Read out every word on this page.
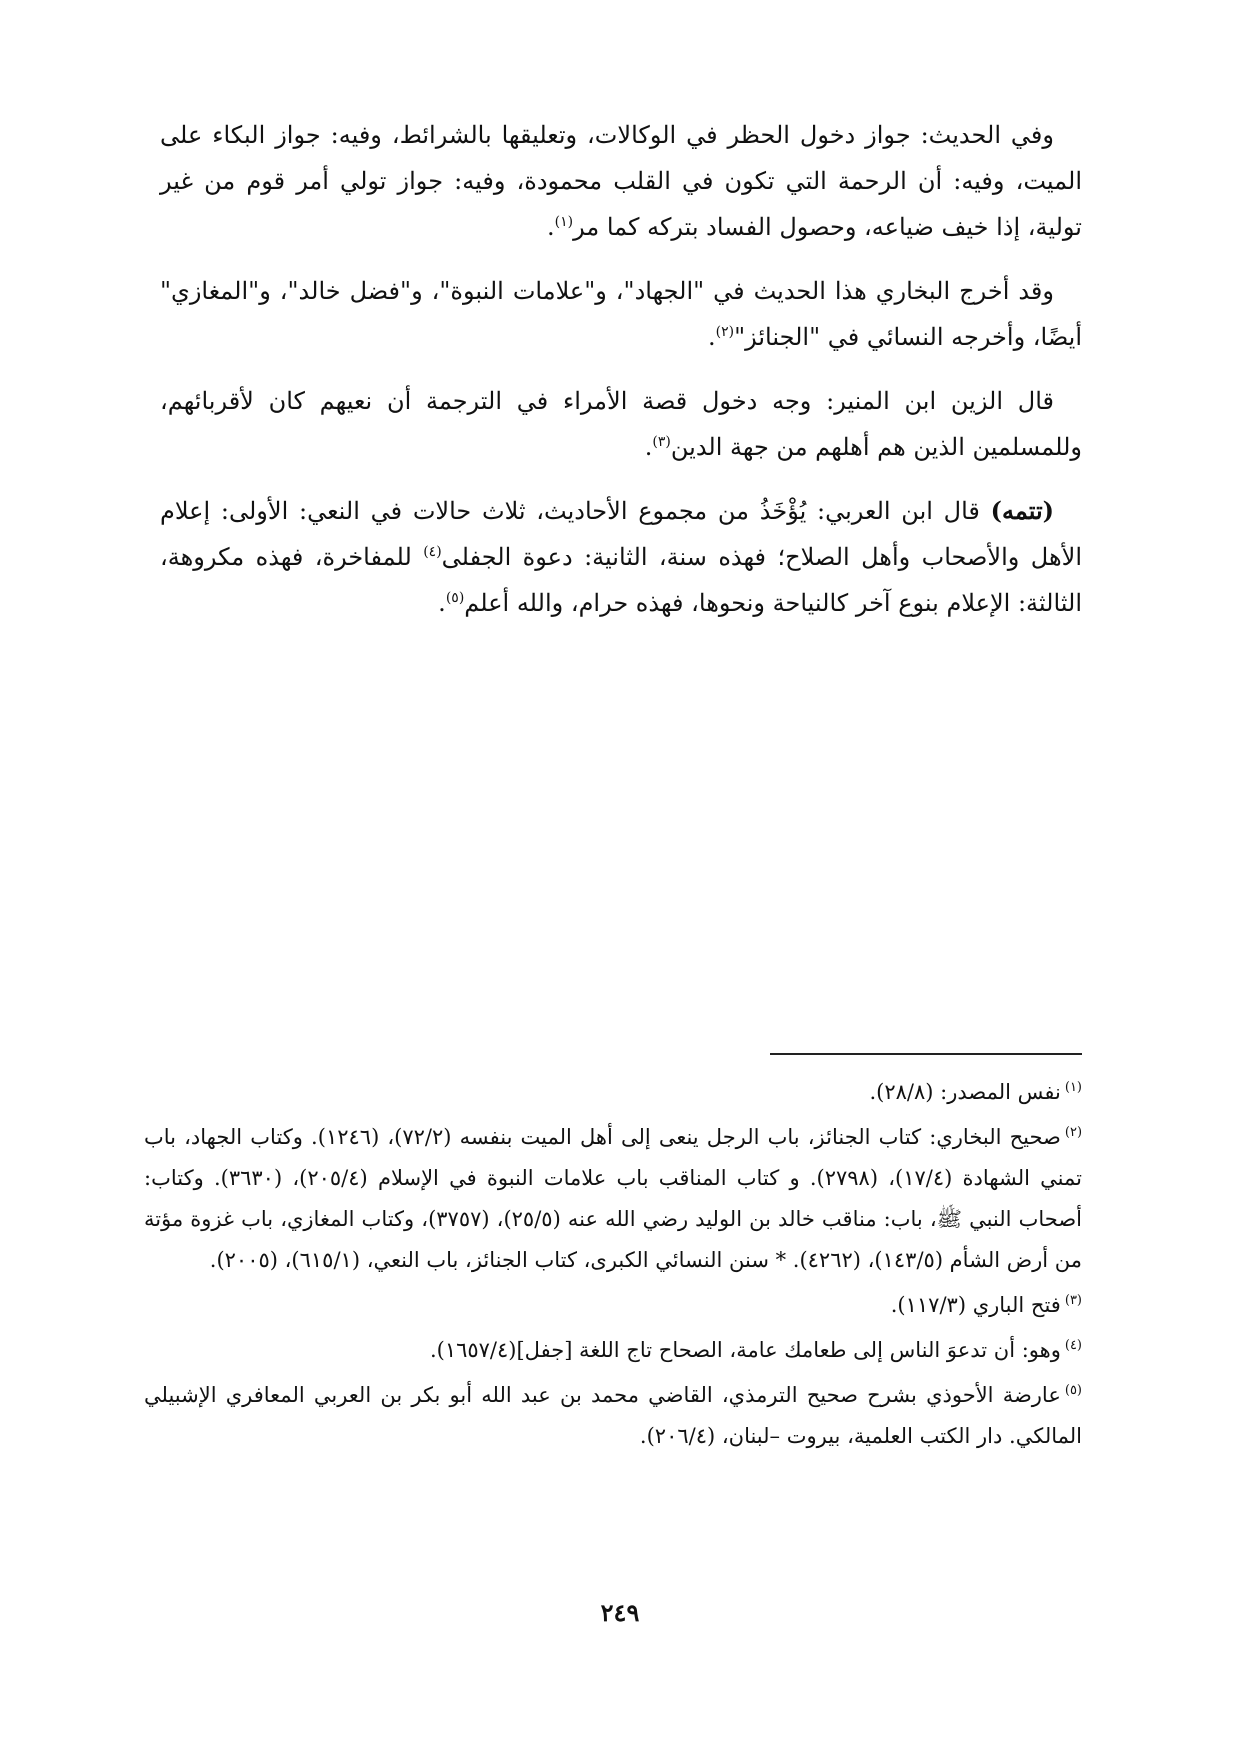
وفي الحديث: جواز دخول الحظر في الوكالات، وتعليقها بالشرائط، وفيه: جواز البكاء على الميت، وفيه: أن الرحمة التي تكون في القلب محمودة، وفيه: جواز تولي أمر قوم من غير تولية، إذا خيف ضياعه، وحصول الفساد بتركه كما مر$^{(١)}$.

وقد أخرج البخاري هذا الحديث في "الجهاد"، و"علامات النبوة"، و"فضل خالد"، و"المغازي" أيضًا، وأخرجه النسائي في "الجنائز"$^{(٢)}$.

قال الزين ابن المنير: وجه دخول قصة الأمراء في الترجمة أن نعيهم كان لأقربائهم، وللمسلمين الذين هم أهلهم من جهة الدين$^{(٣)}$.

(تتمه) قال ابن العربي: يُؤْخَذُ من مجموع الأحاديث، ثلاث حالات في النعي: الأولى: إعلام الأهل والأصحاب وأهل الصلاح؛ فهذه سنة، الثانية: دعوة الجفلى$^{(٤)}$ للمفاخرة، فهذه مكروهة، الثالثة: الإعلام بنوع آخر كالنياحة ونحوها، فهذه حرام، والله أعلم$^{(٥)}$.

$^{(١)}$نفس المصدر: (٢٨/٨).

$^{(٢)}$صحيح البخاري: كتاب الجنائز، باب الرجل ينعى إلى أهل الميت بنفسه (٧٢/٢)، (١٢٤٦). وكتاب الجهاد، باب تمني الشهادة (١٧/٤)، (٢٧٩٨). و كتاب المناقب باب علامات النبوة في الإسلام (٢٠٥/٤)، (٣٦٣٠). وكتاب: أصحاب النبي ﷺ، باب: مناقب خالد بن الوليد رضي الله عنه (٢٥/٥)، (٣٧٥٧)، وكتاب المغازي، باب غزوة مؤتة من أرض الشأم (١٤٣/٥)، (٤٢٦٢). * سنن النسائي الكبرى، كتاب الجنائز، باب النعي، (٦١٥/١)، (٢٠٠٥).

$^{(٣)}$فتح الباري (١١٧/٣).

$^{(٤)}$وهو: أن تدعوَ الناس إلى طعامك عامة، الصحاح تاج اللغة [جفل](١٦٥٧/٤).

$^{(٥)}$عارضة الأحوذي بشرح صحيح الترمذي، القاضي محمد بن عبد الله أبو بكر بن العربي المعافري الإشبيلي المالكي. دار الكتب العلمية، بيروت –لبنان، (٢٠٦/٤).

٢٤٩
